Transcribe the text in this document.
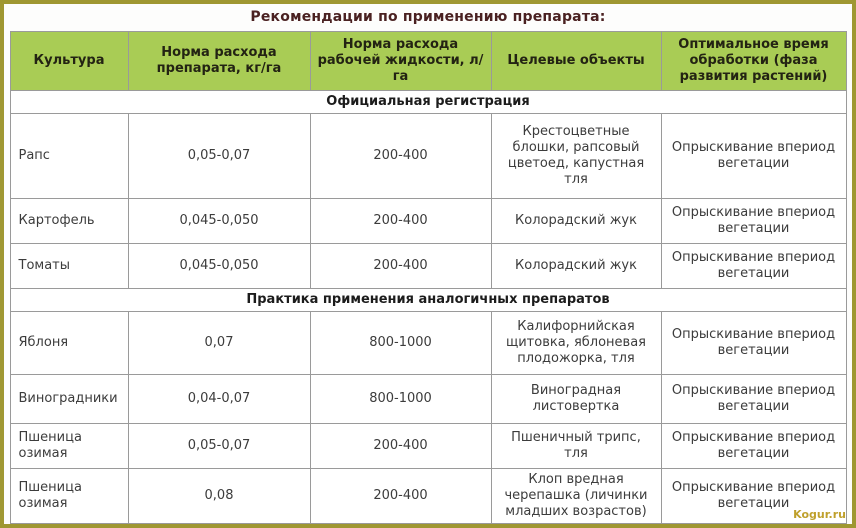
Рекомендации по применению препарата:
Культура	Норма расхода препарата, кг/га	Норма расхода рабочей жидкости, л/га	Целевые объекты	Оптимальное время обработки (фаза развития растений)
Официальная регистрация				
Рапс	0,05-0,07	200-400	Крестоцветные блошки, рапсовый цветоед, капустная тля	Опрыскивание впериод вегетации
Картофель	0,045-0,050	200-400	Колорадский жук	Опрыскивание впериод вегетации
Томаты	0,045-0,050	200-400	Колорадский жук	Опрыскивание впериод вегетации
Практика применения аналогичных препаратов				
Яблоня	0,07	800-1000	Калифорнийская щитовка, яблоневая плодожорка, тля	Опрыскивание впериод вегетации
Виноградники	0,04-0,07	800-1000	Виноградная листовертка	Опрыскивание впериод вегетации
Пшеница озимая	0,05-0,07	200-400	Пшеничный трипс, тля	Опрыскивание впериод вегетации
Пшеница озимая	0,08	200-400	Клоп вредная черепашка (личинки младших возрастов)	Опрыскивание впериод вегетации
Kogur.ru
